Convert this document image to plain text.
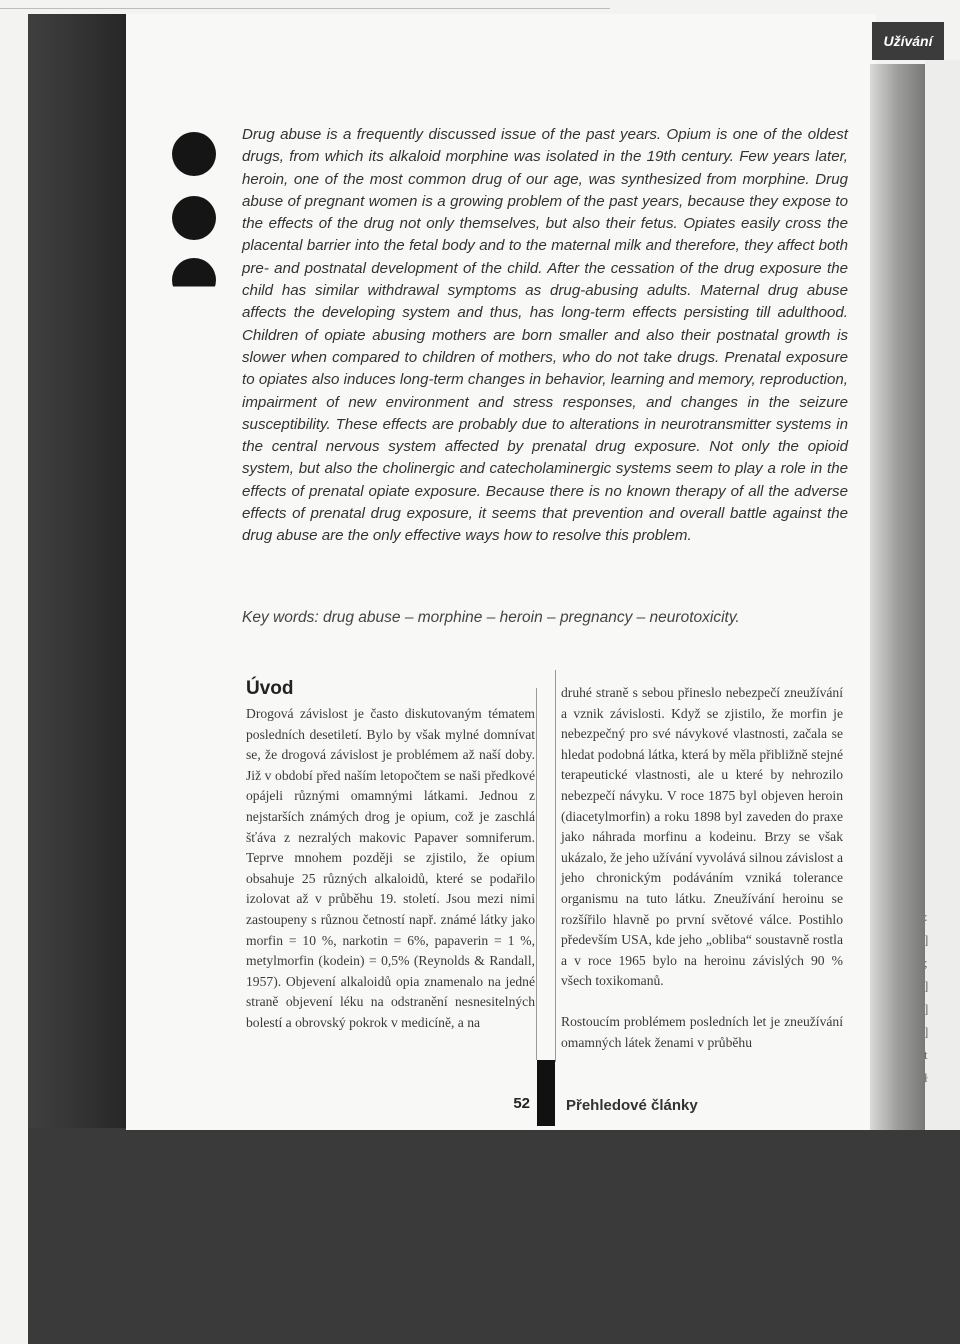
Užívání

Drug abuse is a frequently discussed issue of the past years. Opium is one of the oldest drugs, from which its alkaloid morphine was isolated in the 19th century. Few years later, heroin, one of the most common drug of our age, was synthesized from morphine. Drug abuse of pregnant women is a growing problem of the past years, because they expose to the effects of the drug not only themselves, but also their fetus. Opiates easily cross the placental barrier into the fetal body and to the maternal milk and therefore, they affect both pre- and postnatal development of the child. After the cessation of the drug exposure the child has similar withdrawal symptoms as drug-abusing adults. Maternal drug abuse affects the developing system and thus, has long-term effects persisting till adulthood. Children of opiate abusing mothers are born smaller and also their postnatal growth is slower when compared to children of mothers, who do not take drugs. Prenatal exposure to opiates also induces long-term changes in behavior, learning and memory, reproduction, impairment of new environment and stress responses, and changes in the seizure susceptibility. These effects are probably due to alterations in neurotransmitter systems in the central nervous system affected by prenatal drug exposure. Not only the opioid system, but also the cholinergic and catecholaminergic systems seem to play a role in the effects of prenatal opiate exposure. Because there is no known therapy of all the adverse effects of prenatal drug exposure, it seems that prevention and overall battle against the drug abuse are the only effective ways how to resolve this problem.

Key words: drug abuse – morphine – heroin – pregnancy – neurotoxicity.

Úvod

Drogová závislost je často diskutovaným tématem posledních desetiletí. Bylo by však mylné domnívat se, že drogová závislost je problémem až naší doby. Již v období před naším letopočtem se naši předkové opájeli různými omamnými látkami. Jednou z nejstarších známých drog je opium, což je zaschlá šťáva z nezralých makovic Papaver somniferum. Teprve mnohem později se zjistilo, že opium obsahuje 25 různých alkaloidů, které se podařilo izolovat až v průběhu 19. století. Jsou mezi nimi zastoupeny s různou četností např. známé látky jako morfin = 10 %, narkotin = 6%, papaverin = 1 %, metylmorfin (kodein) = 0,5% (Reynolds & Randall, 1957). Objevení alkaloidů opia znamenalo na jedné straně objevení léku na odstranění nesnesitelných bolestí a obrovský pokrok v medicíně, a na

druhé straně s sebou přineslo nebezpečí zneužívání a vznik závislosti. Když se zjistilo, že morfin je nebezpečný pro své návykové vlastnosti, začala se hledat podobná látka, která by měla přibližně stejné terapeutické vlastnosti, ale u které by nehrozilo nebezpečí návyku. V roce 1875 byl objeven heroin (diacetylmorfin) a roku 1898 byl zaveden do praxe jako náhrada morfinu a kodeinu. Brzy se však ukázalo, že jeho užívání vyvolává silnou závislost a jeho chronickým podáváním vzniká tolerance organismu na tuto látku. Zneužívání heroinu se rozšířilo hlavně po první světové válce. Postihlo především USA, kde jeho „obliba“ soustavně rostla a v roce 1965 bylo na heroinu závislých 90 % všech toxikomanů.

Rostoucím problémem posledních let je zneužívání omamných látek ženami v průběhu

52 Přehledové články
:
]
;
]
]
]
t
ł
